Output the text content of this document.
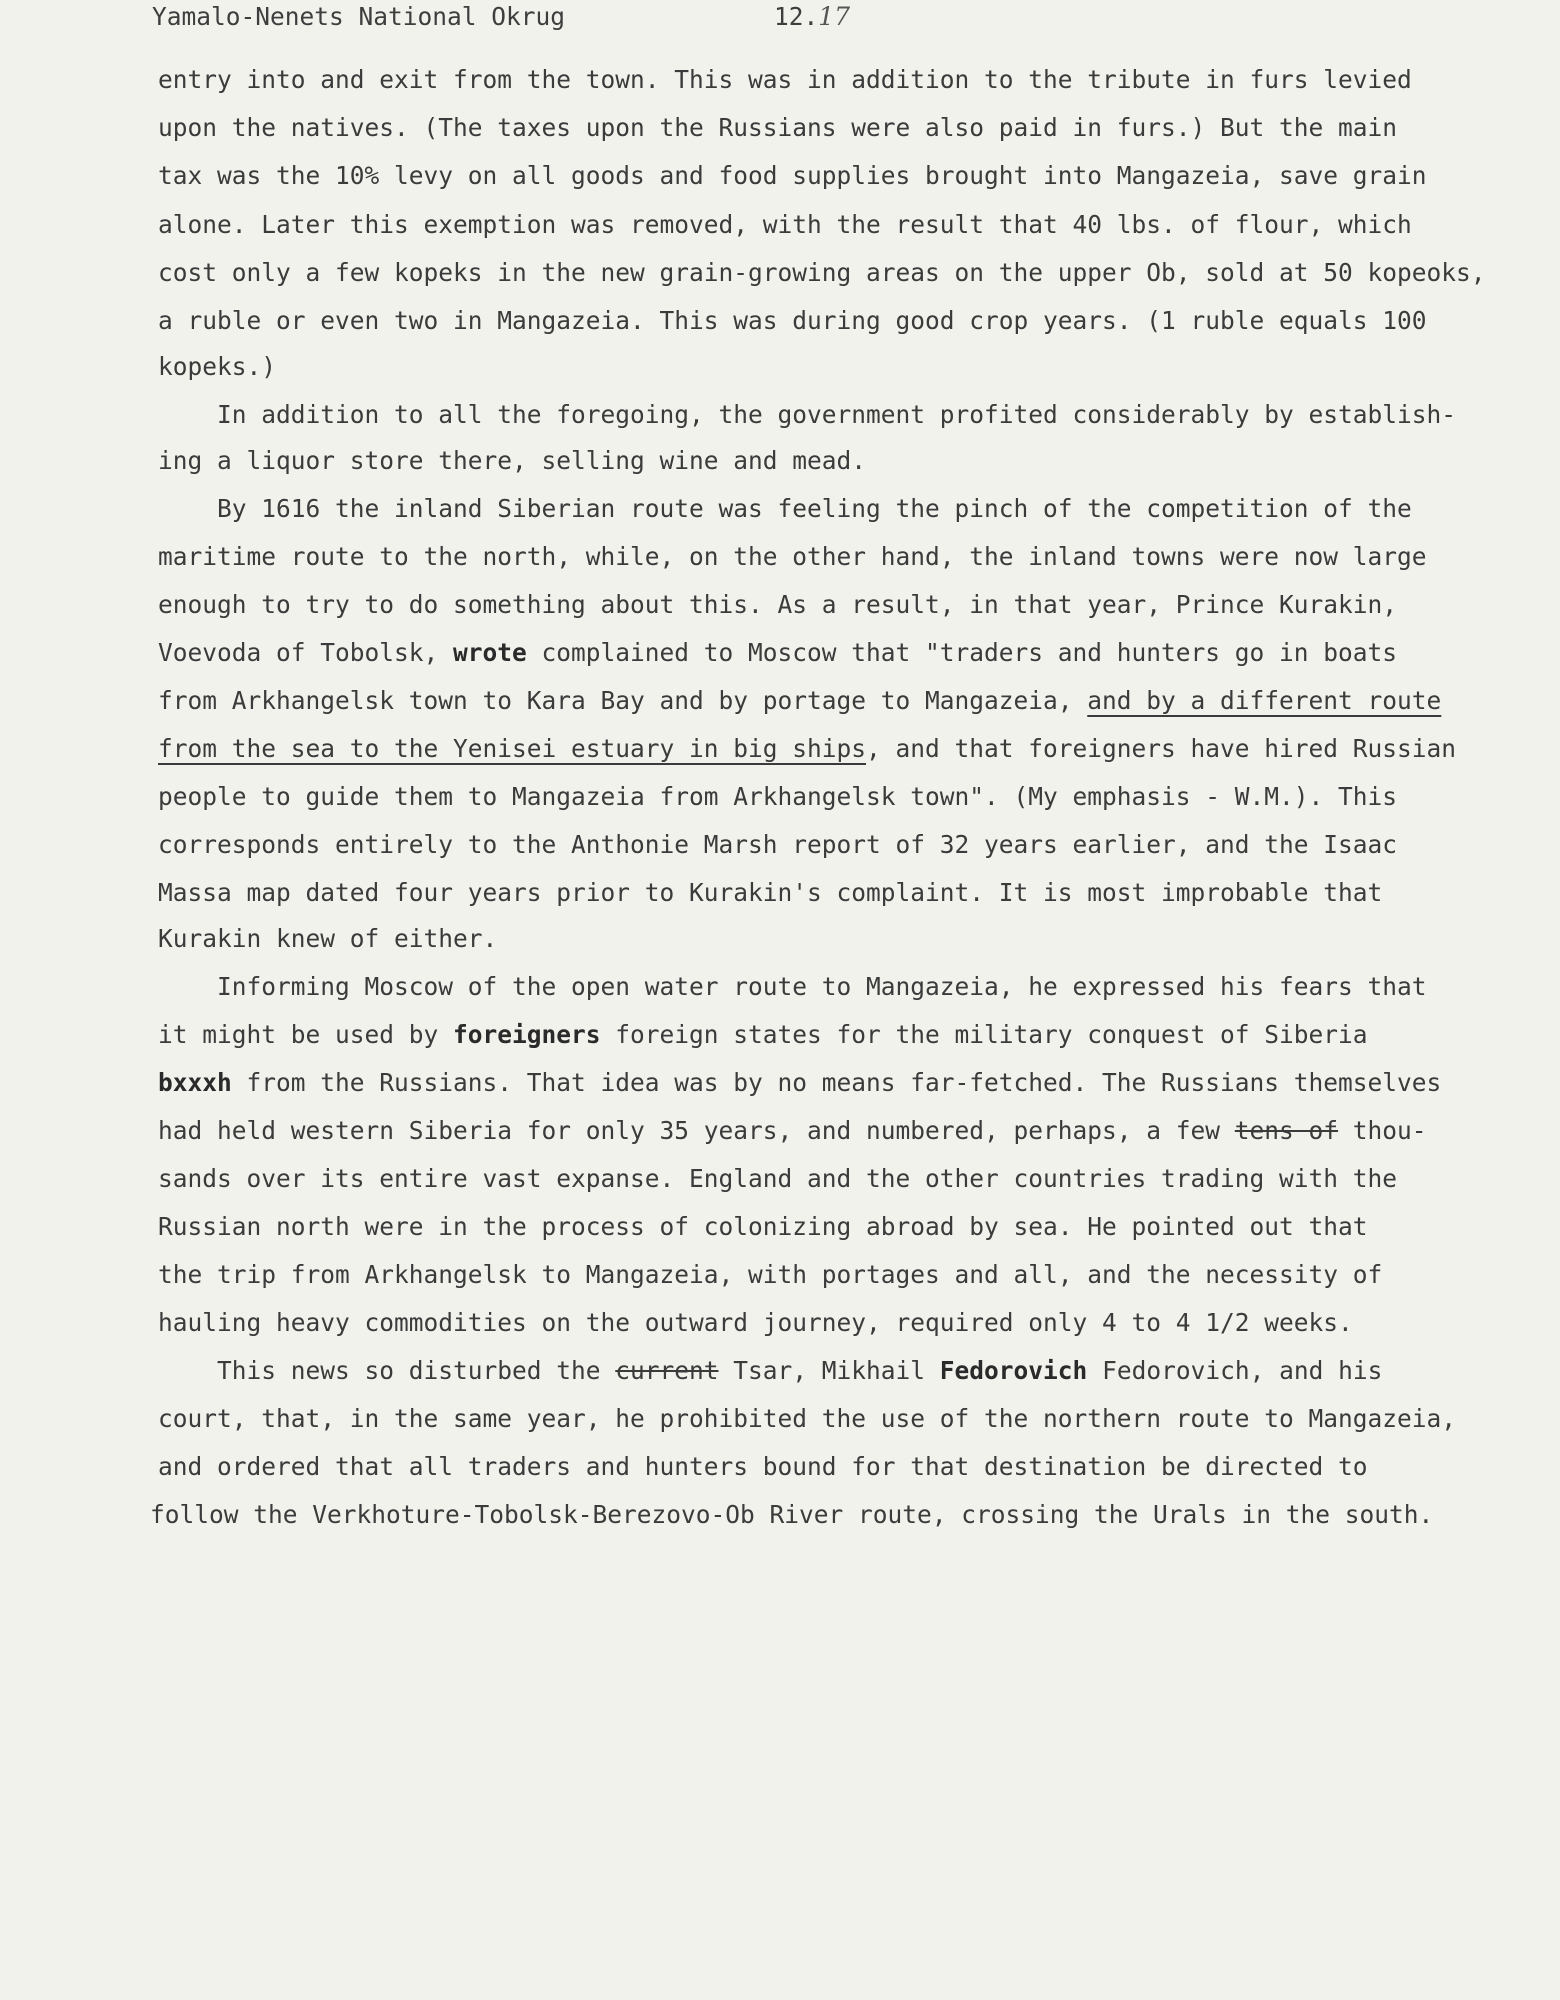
Yamalo-Nenets National Okrug	12.17
entry into and exit from the town. This was in addition to the tribute in furs levied
upon the natives. (The taxes upon the Russians were also paid in furs.) But the main
tax was the 10% levy on all goods and food supplies brought into Mangazeia, save grain
alone. Later this exemption was removed, with the result that 40 lbs. of flour, which
cost only a few kopeks in the new grain-growing areas on the upper Ob, sold at 50 kopeoks,
a ruble or even two in Mangazeia. This was during good crop years. (1 ruble equals 100
kopeks.)
In addition to all the foregoing, the government profited considerably by establish-
ing a liquor store there, selling wine and mead.
By 1616 the inland Siberian route was feeling the pinch of the competition of the
maritime route to the north, while, on the other hand, the inland towns were now large
enough to try to do something about this. As a result, in that year, Prince Kurakin,
Voevoda of Tobolsk, wrote complained to Moscow that "traders and hunters go in boats
from Arkhangelsk town to Kara Bay and by portage to Mangazeia, and by a different route
from the sea to the Yenisei estuary in big ships, and that foreigners have hired Russian
people to guide them to Mangazeia from Arkhangelsk town". (My emphasis - W.M.). This
corresponds entirely to the Anthonie Marsh report of 32 years earlier, and the Isaac
Massa map dated four years prior to Kurakin's complaint. It is most improbable that
Kurakin knew of either.
Informing Moscow of the open water route to Mangazeia, he expressed his fears that
it might be used by foreigners foreign states for the military conquest of Siberia
bxxxh from the Russians. That idea was by no means far-fetched. The Russians themselves
had held western Siberia for only 35 years, and numbered, perhaps, a few tens of thou-
sands over its entire vast expanse. England and the other countries trading with the
Russian north were in the process of colonizing abroad by sea. He pointed out that
the trip from Arkhangelsk to Mangazeia, with portages and all, and the necessity of
hauling heavy commodities on the outward journey, required only 4 to 4 1/2 weeks.
This news so disturbed the current Tsar, Mikhail Fedorovich Fedorovich, and his
court, that, in the same year, he prohibited the use of the northern route to Mangazeia,
and ordered that all traders and hunters bound for that destination be directed to
follow the Verkhoture-Tobolsk-Berezovo-Ob River route, crossing the Urals in the south.
